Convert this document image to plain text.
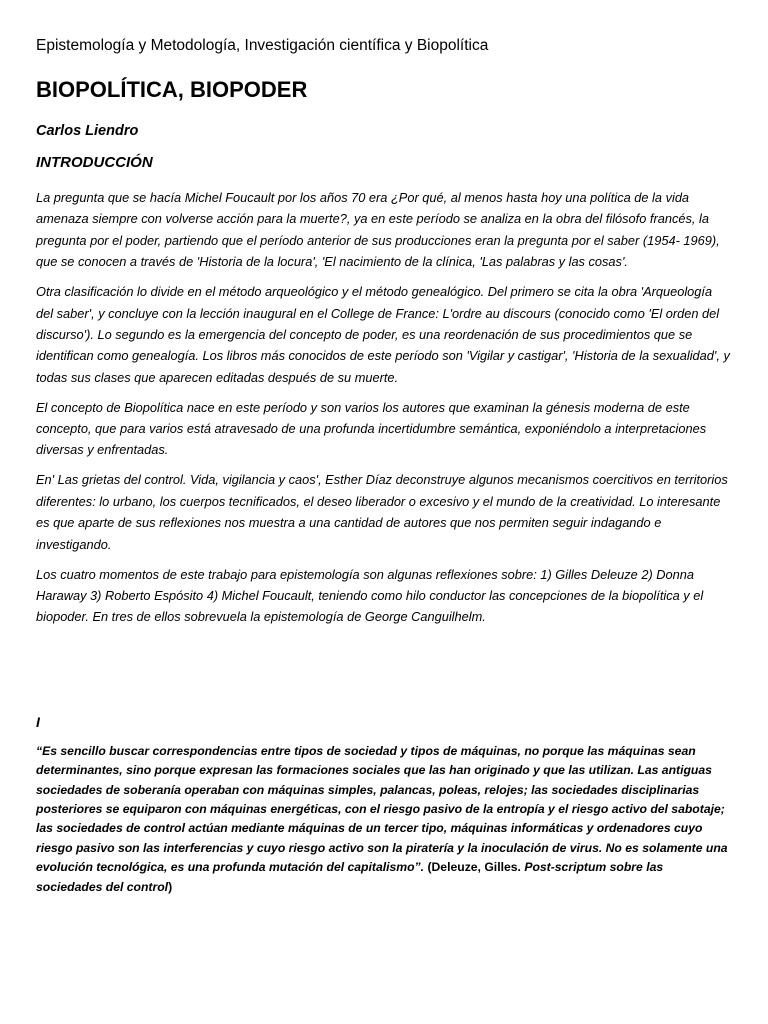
Epistemología y Metodología, Investigación científica y Biopolítica
BIOPOLÍTICA, BIOPODER
Carlos Liendro
INTRODUCCIÓN

La pregunta que se hacía Michel Foucault por los años 70 era ¿Por qué, al menos hasta hoy una política de la vida amenaza siempre con volverse acción para la muerte?, ya en este período se analiza en la obra del filósofo francés, la pregunta por el poder, partiendo que el período anterior de sus producciones eran la pregunta por el saber (1954- 1969), que se conocen a través de 'Historia de la locura', 'El nacimiento de la clínica, 'Las palabras y las cosas'.

Otra clasificación lo divide en el método arqueológico y el método genealógico. Del primero se cita la obra 'Arqueología del saber', y concluye con la lección inaugural en el College de France: L'ordre au discours (conocido como 'El orden del discurso'). Lo segundo es la emergencia del concepto de poder, es una reordenación de sus procedimientos que se identifican como genealogía. Los libros más conocidos de este período son 'Vigilar y castigar', 'Historia de la sexualidad', y todas sus clases que aparecen editadas después de su muerte.

El concepto de Biopolítica nace en este período y son varios los autores que examinan la génesis moderna de este concepto, que para varios está atravesado de una profunda incertidumbre semántica, exponiéndolo a interpretaciones diversas y enfrentadas.

En' Las grietas del control. Vida, vigilancia y caos', Esther Díaz deconstruye algunos mecanismos coercitivos en territorios diferentes: lo urbano, los cuerpos tecnificados, el deseo liberador o excesivo y el mundo de la creatividad. Lo interesante es que aparte de sus reflexiones nos muestra a una cantidad de autores que nos permiten seguir indagando e investigando.

Los cuatro momentos de este trabajo para epistemología son algunas reflexiones sobre: 1) Gilles Deleuze 2) Donna Haraway 3) Roberto Espósito 4) Michel Foucault, teniendo como hilo conductor las concepciones de la biopolítica y el biopoder. En tres de ellos sobrevuela la epistemología de George Canguilhelm.

I

“Es sencillo buscar correspondencias entre tipos de sociedad y tipos de máquinas, no porque las máquinas sean determinantes, sino porque expresan las formaciones sociales que las han originado y que las utilizan. Las antiguas sociedades de soberanía operaban con máquinas simples, palancas, poleas, relojes; las sociedades disciplinarias posteriores se equiparon con máquinas energéticas, con el riesgo pasivo de la entropía y el riesgo activo del sabotaje; las sociedades de control actúan mediante máquinas de un tercer tipo, máquinas informáticas y ordenadores cuyo riesgo pasivo son las interferencias y cuyo riesgo activo son la piratería y la inoculación de virus. No es solamente una evolución tecnológica, es una profunda mutación del capitalismo”. (Deleuze, Gilles. Post-scriptum sobre las sociedades del control)
